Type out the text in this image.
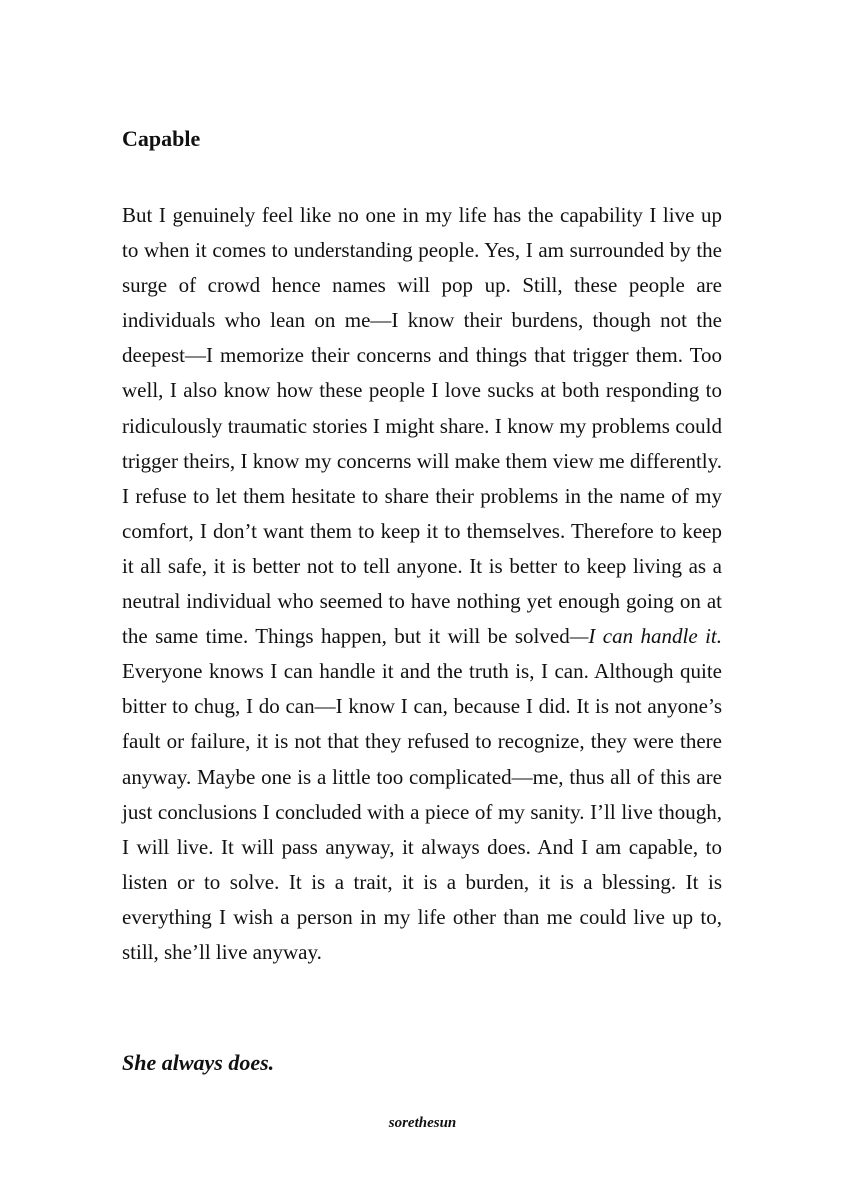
Capable

But I genuinely feel like no one in my life has the capability I live up to when it comes to understanding people. Yes, I am surrounded by the surge of crowd hence names will pop up. Still, these people are individuals who lean on me—I know their burdens, though not the deepest—I memorize their concerns and things that trigger them. Too well, I also know how these people I love sucks at both responding to ridiculously traumatic stories I might share. I know my problems could trigger theirs, I know my concerns will make them view me differently. I refuse to let them hesitate to share their problems in the name of my comfort, I don’t want them to keep it to themselves. Therefore to keep it all safe, it is better not to tell anyone. It is better to keep living as a neutral individual who seemed to have nothing yet enough going on at the same time. Things happen, but it will be solved—I can handle it. Everyone knows I can handle it and the truth is, I can. Although quite bitter to chug, I do can—I know I can, because I did. It is not anyone’s fault or failure, it is not that they refused to recognize, they were there anyway. Maybe one is a little too complicated—me, thus all of this are just conclusions I concluded with a piece of my sanity. I’ll live though, I will live. It will pass anyway, it always does. And I am capable, to listen or to solve. It is a trait, it is a burden, it is a blessing. It is everything I wish a person in my life other than me could live up to, still, she’ll live anyway.

She always does.

sorethesun
